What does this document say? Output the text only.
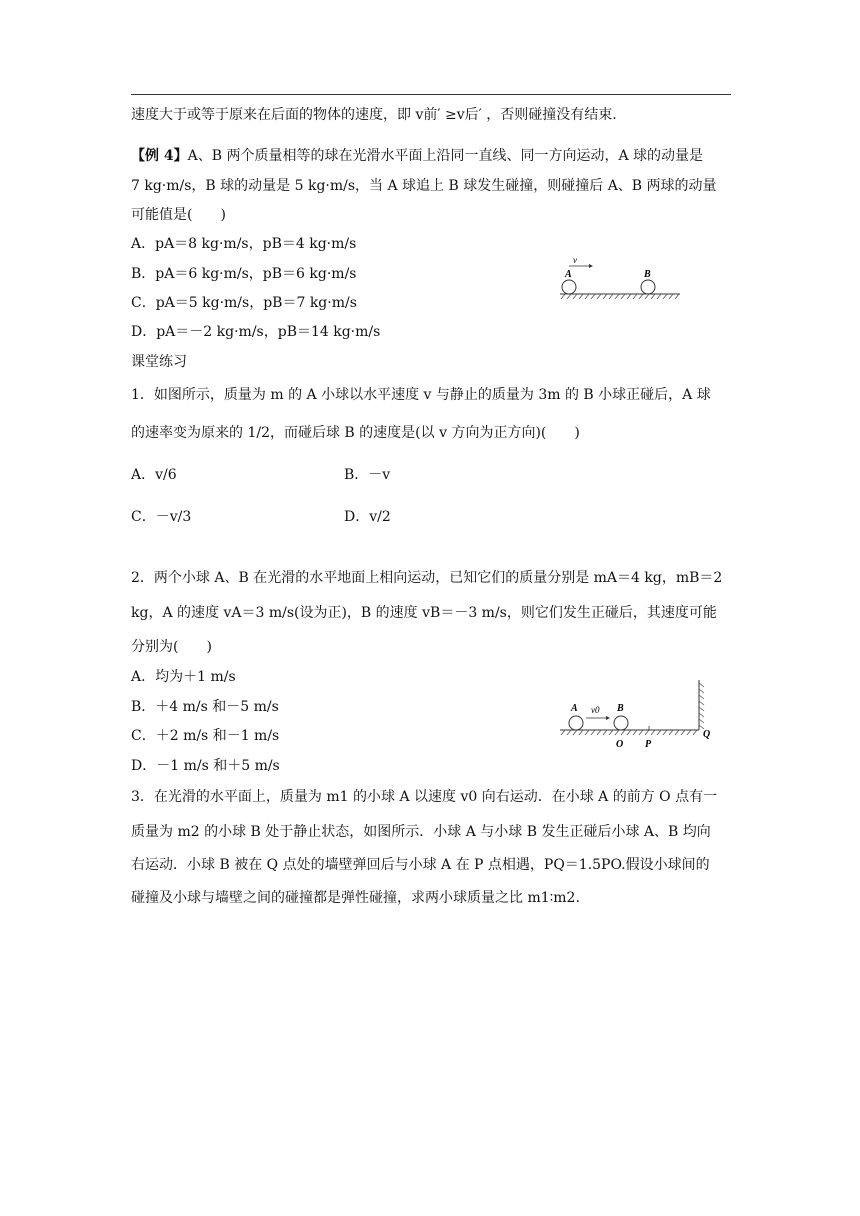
速度大于或等于原来在后面的物体的速度，即 v前′ ≥v后′ ，否则碰撞没有结束.
【例 4】A、B 两个质量相等的球在光滑水平面上沿同一直线、同一方向运动，A 球的动量是
7 kg·m/s，B 球的动量是 5 kg·m/s，当 A 球追上 B 球发生碰撞，则碰撞后 A、B 两球的动量
可能值是(　　)
A．pA＝8 kg·m/s，pB＝4 kg·m/s
B．pA＝6 kg·m/s，pB＝6 kg·m/s
C．pA＝5 kg·m/s，pB＝7 kg·m/s
D．pA＝－2 kg·m/s，pB＝14 kg·m/s
v
A	B
课堂练习
1．如图所示，质量为 m 的 A 小球以水平速度 v 与静止的质量为 3m 的 B 小球正碰后，A 球
的速率变为原来的 1/2，而碰后球 B 的速度是(以 v 方向为正方向)(　　)
A．v/6	B．－v
C．－v/3	D．v/2
2．两个小球 A、B 在光滑的水平地面上相向运动，已知它们的质量分别是 mA＝4 kg，mB＝2
kg，A 的速度 vA＝3 m/s(设为正)，B 的速度 vB＝－3 m/s，则它们发生正碰后，其速度可能
分别为(　　)
A．均为＋1 m/s
B．＋4 m/s 和－5 m/s
C．＋2 m/s 和－1 m/s
D．－1 m/s 和＋5 m/s
A v0 B
O P
Q
3．在光滑的水平面上，质量为 m1 的小球 A 以速度 v0 向右运动．在小球 A 的前方 O 点有一
质量为 m2 的小球 B 处于静止状态，如图所示．小球 A 与小球 B 发生正碰后小球 A、B 均向
右运动．小球 B 被在 Q 点处的墙壁弹回后与小球 A 在 P 点相遇，PQ＝1.5PO.假设小球间的
碰撞及小球与墙壁之间的碰撞都是弹性碰撞，求两小球质量之比 m1∶m2.
